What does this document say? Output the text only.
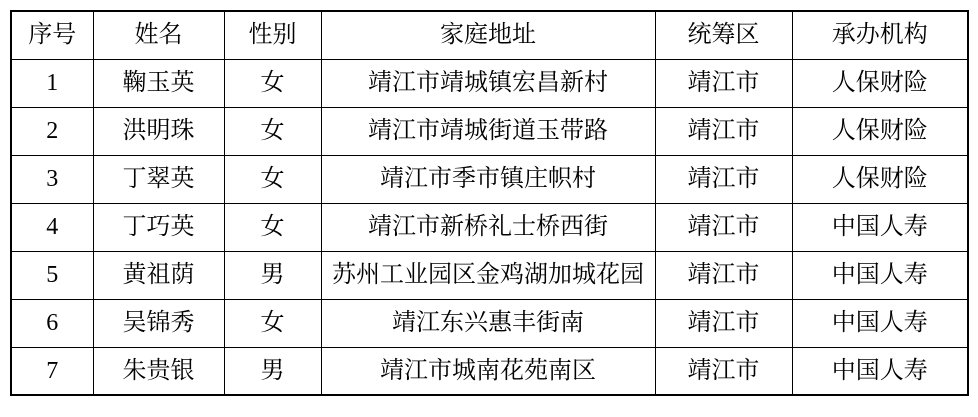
序号	姓名	性别	家庭地址	统筹区	承办机构
1	鞠玉英	女	靖江市靖城镇宏昌新村	靖江市	人保财险
2	洪明珠	女	靖江市靖城街道玉带路	靖江市	人保财险
3	丁翠英	女	靖江市季市镇庄帜村	靖江市	人保财险
4	丁巧英	女	靖江市新桥礼士桥西街	靖江市	中国人寿
5	黄祖荫	男	苏州工业园区金鸡湖加城花园	靖江市	中国人寿
6	吴锦秀	女	靖江东兴惠丰街南	靖江市	中国人寿
7	朱贵银	男	靖江市城南花苑南区	靖江市	中国人寿
